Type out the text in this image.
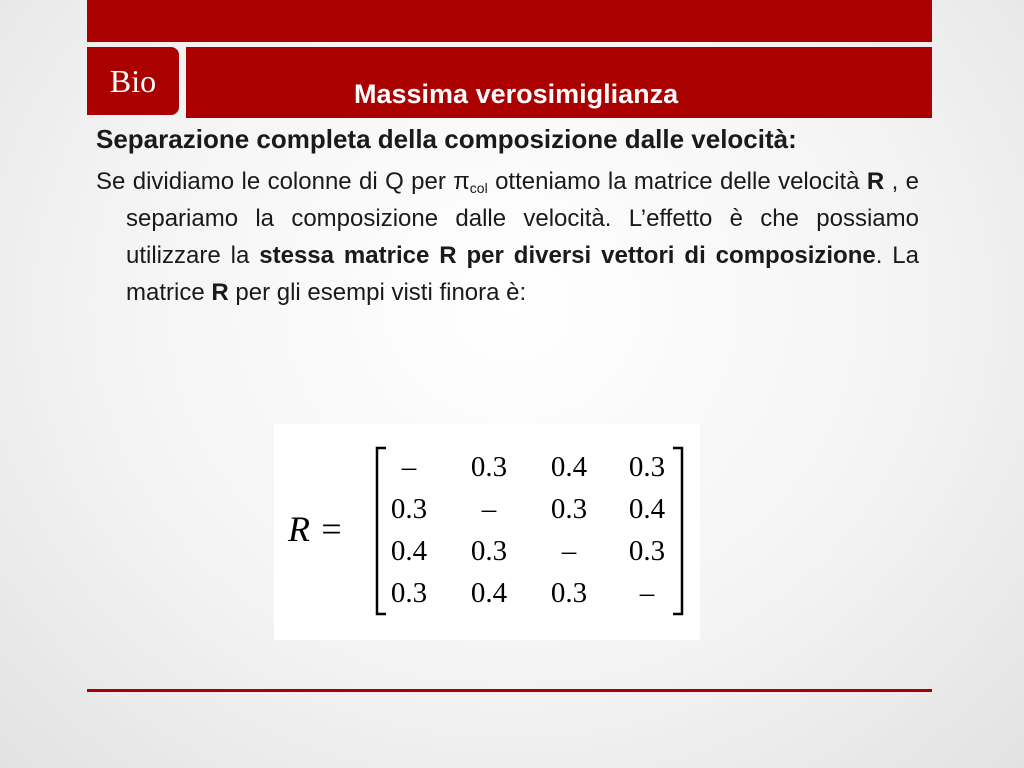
Bio	Massima verosimiglianza

Separazione completa della composizione dalle velocità:

Se dividiamo le colonne di Q per $\pi_{col}$ otteniamo la matrice delle velocità R , e separiamo la composizione dalle velocità. L’effetto è che possiamo utilizzare la stessa matrice R per diversi vettori di composizione. La matrice R per gli esempi visti finora è:

R =
– 0.3 0.4 0.3
0.3 – 0.3 0.4
0.4 0.3 – 0.3
0.3 0.4 0.3 –
